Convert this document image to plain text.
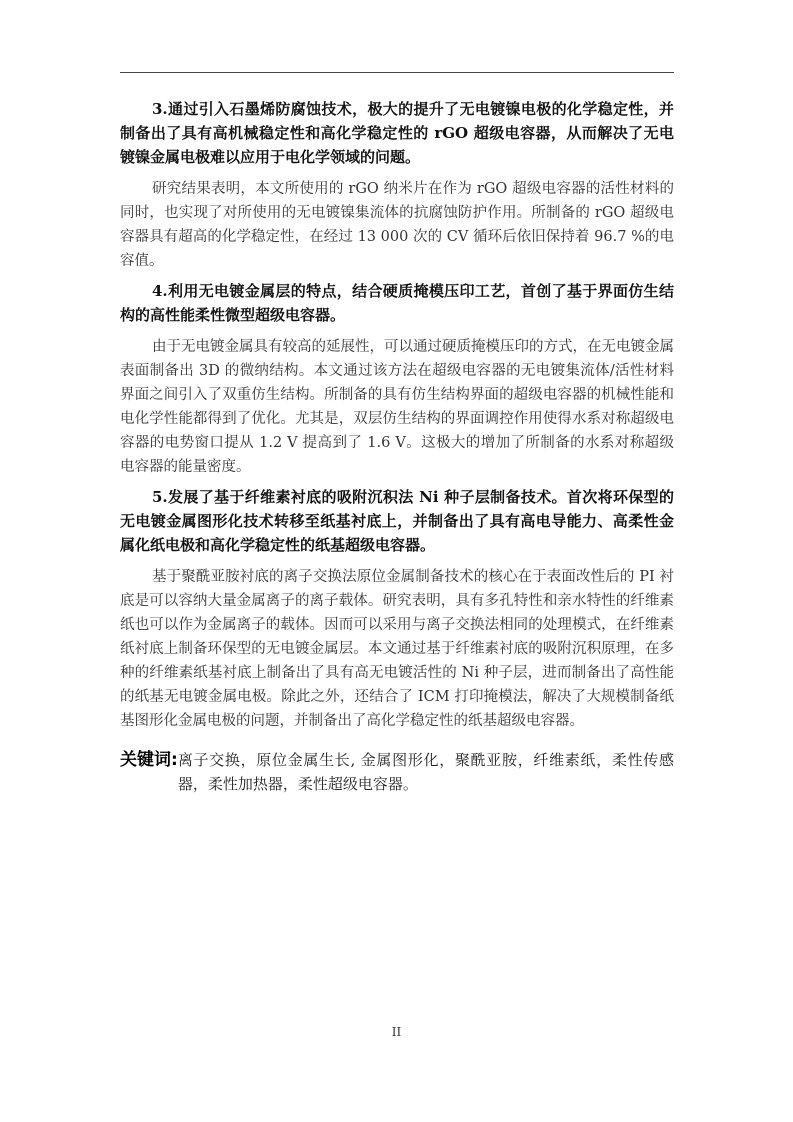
3.通过引入石墨烯防腐蚀技术，极大的提升了无电镀镍电极的化学稳定性，并制备出了具有高机械稳定性和高化学稳定性的 rGO 超级电容器，从而解决了无电镀镍金属电极难以应用于电化学领域的问题。

研究结果表明，本文所使用的 rGO 纳米片在作为 rGO 超级电容器的活性材料的同时，也实现了对所使用的无电镀镍集流体的抗腐蚀防护作用。所制备的 rGO 超级电容器具有超高的化学稳定性，在经过 13 000 次的 CV 循环后依旧保持着 96.7 %的电容值。

4.利用无电镀金属层的特点，结合硬质掩模压印工艺，首创了基于界面仿生结构的高性能柔性微型超级电容器。

由于无电镀金属具有较高的延展性，可以通过硬质掩模压印的方式，在无电镀金属表面制备出 3D 的微纳结构。本文通过该方法在超级电容器的无电镀集流体/活性材料界面之间引入了双重仿生结构。所制备的具有仿生结构界面的超级电容器的机械性能和电化学性能都得到了优化。尤其是，双层仿生结构的界面调控作用使得水系对称超级电容器的电势窗口提从 1.2 V 提高到了 1.6 V。这极大的增加了所制备的水系对称超级电容器的能量密度。

5.发展了基于纤维素衬底的吸附沉积法 Ni 种子层制备技术。首次将环保型的无电镀金属图形化技术转移至纸基衬底上，并制备出了具有高电导能力、高柔性金属化纸电极和高化学稳定性的纸基超级电容器。

基于聚酰亚胺衬底的离子交换法原位金属制备技术的核心在于表面改性后的 PI 衬底是可以容纳大量金属离子的离子载体。研究表明，具有多孔特性和亲水特性的纤维素纸也可以作为金属离子的载体。因而可以采用与离子交换法相同的处理模式，在纤维素纸衬底上制备环保型的无电镀金属层。本文通过基于纤维素衬底的吸附沉积原理，在多种的纤维素纸基衬底上制备出了具有高无电镀活性的 Ni 种子层，进而制备出了高性能的纸基无电镀金属电极。除此之外，还结合了 ICM 打印掩模法，解决了大规模制备纸基图形化金属电极的问题，并制备出了高化学稳定性的纸基超级电容器。

关键词: 离子交换，原位金属生长, 金属图形化，聚酰亚胺，纤维素纸，柔性传感器，柔性加热器，柔性超级电容器。
II
